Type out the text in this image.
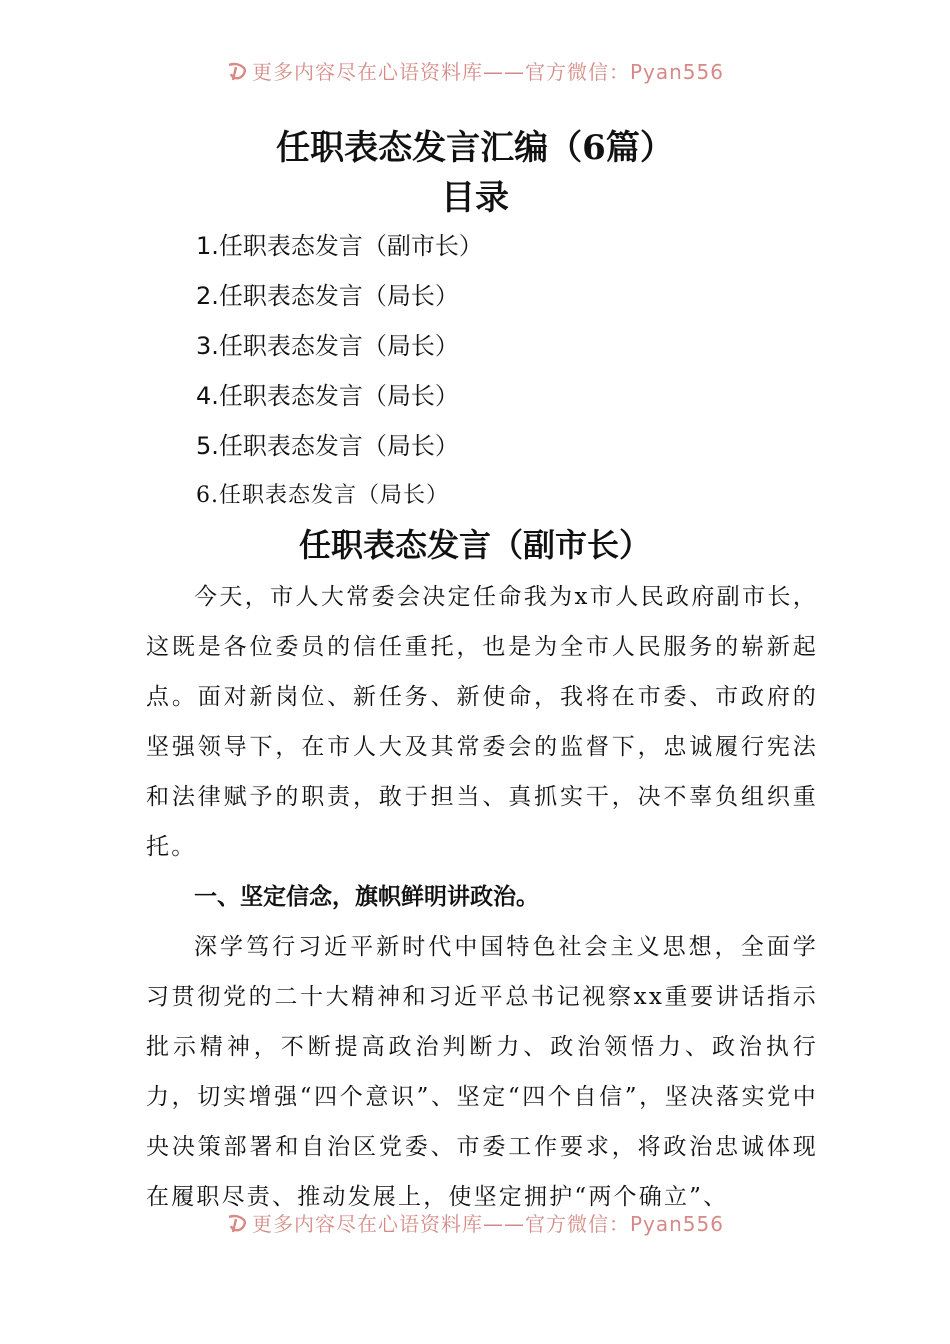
更多内容尽在心语资料库——官方微信：Pyan556
任职表态发言汇编（6篇）
目录
1.任职表态发言（副市长）
2.任职表态发言（局长）
3.任职表态发言（局长）
4.任职表态发言（局长）
5.任职表态发言（局长）
6.任职表态发言（局长）
任职表态发言（副市长）

今天，市人大常委会决定任命我为x市人民政府副市长，这既是各位委员的信任重托，也是为全市人民服务的崭新起点。面对新岗位、新任务、新使命，我将在市委、市政府的坚强领导下，在市人大及其常委会的监督下，忠诚履行宪法和法律赋予的职责，敢于担当、真抓实干，决不辜负组织重托。

一、坚定信念，旗帜鲜明讲政治。

深学笃行习近平新时代中国特色社会主义思想，全面学习贯彻党的二十大精神和习近平总书记视察xx重要讲话指示批示精神，不断提高政治判断力、政治领悟力、政治执行力，切实增强“四个意识”、坚定“四个自信”，坚决落实党中央决策部署和自治区党委、市委工作要求，将政治忠诚体现在履职尽责、推动发展上，使坚定拥护“两个确立”、

更多内容尽在心语资料库——官方微信：Pyan556
